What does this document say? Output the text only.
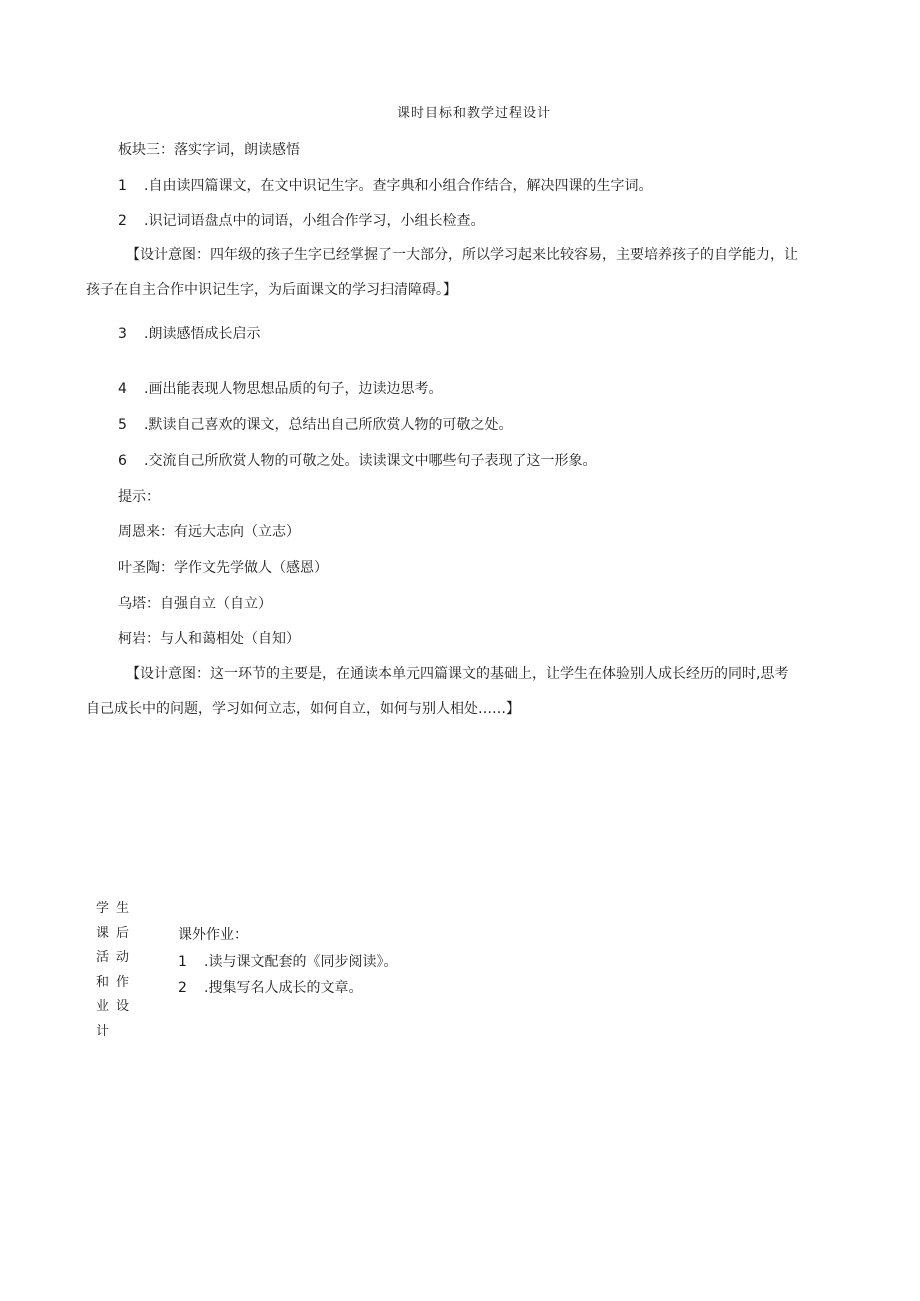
课时目标和教学过程设计
板块三：落实字词，朗读感悟
1 .自由读四篇课文，在文中识记生字。查字典和小组合作结合，解决四课的生字词。
2 .识记词语盘点中的词语，小组合作学习，小组长检查。
【设计意图：四年级的孩子生字已经掌握了一大部分，所以学习起来比较容易，主要培养孩子的自学能力，让
孩子在自主合作中识记生字，为后面课文的学习扫清障碍。】
3 .朗读感悟成长启示
4 .画出能表现人物思想品质的句子，边读边思考。
5 .默读自己喜欢的课文，总结出自己所欣赏人物的可敬之处。
6 .交流自己所欣赏人物的可敬之处。读读课文中哪些句子表现了这一形象。
提示：
周恩来：有远大志向（立志）
叶圣陶：学作文先学做人（感恩）
乌塔：自强自立（自立）
柯岩：与人和蔼相处（自知）
【设计意图：这一环节的主要是，在通读本单元四篇课文的基础上，让学生在体验别人成长经历的同时,思考
自己成长中的问题，学习如何立志，如何自立，如何与别人相处……】
学 生
课 后
活 动
和 作
业 设
计
课外作业：
1 .读与课文配套的《同步阅读》。
2 .搜集写名人成长的文章。
